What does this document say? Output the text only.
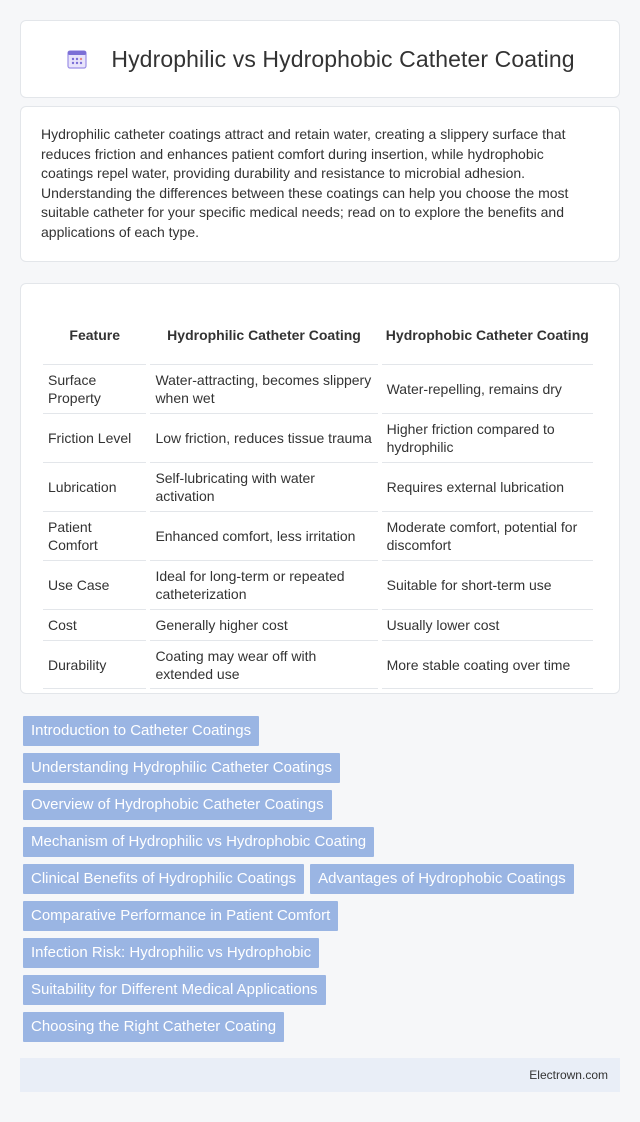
Hydrophilic vs Hydrophobic Catheter Coating

Hydrophilic catheter coatings attract and retain water, creating a slippery surface that reduces friction and enhances patient comfort during insertion, while hydrophobic coatings repel water, providing durability and resistance to microbial adhesion. Understanding the differences between these coatings can help you choose the most suitable catheter for your specific medical needs; read on to explore the benefits and applications of each type.

Feature	Hydrophilic Catheter Coating	Hydrophobic Catheter Coating
Surface Property	Water-attracting, becomes slippery when wet	Water-repelling, remains dry
Friction Level	Low friction, reduces tissue trauma	Higher friction compared to hydrophilic
Lubrication	Self-lubricating with water activation	Requires external lubrication
Patient Comfort	Enhanced comfort, less irritation	Moderate comfort, potential for discomfort
Use Case	Ideal for long-term or repeated catheterization	Suitable for short-term use
Cost	Generally higher cost	Usually lower cost
Durability	Coating may wear off with extended use	More stable coating over time
Introduction to Catheter Coatings
Understanding Hydrophilic Catheter Coatings
Overview of Hydrophobic Catheter Coatings
Mechanism of Hydrophilic vs Hydrophobic Coating
Clinical Benefits of Hydrophilic Coatings Advantages of Hydrophobic Coatings
Comparative Performance in Patient Comfort
Infection Risk: Hydrophilic vs Hydrophobic
Suitability for Different Medical Applications
Choosing the Right Catheter Coating
Electrown.com
